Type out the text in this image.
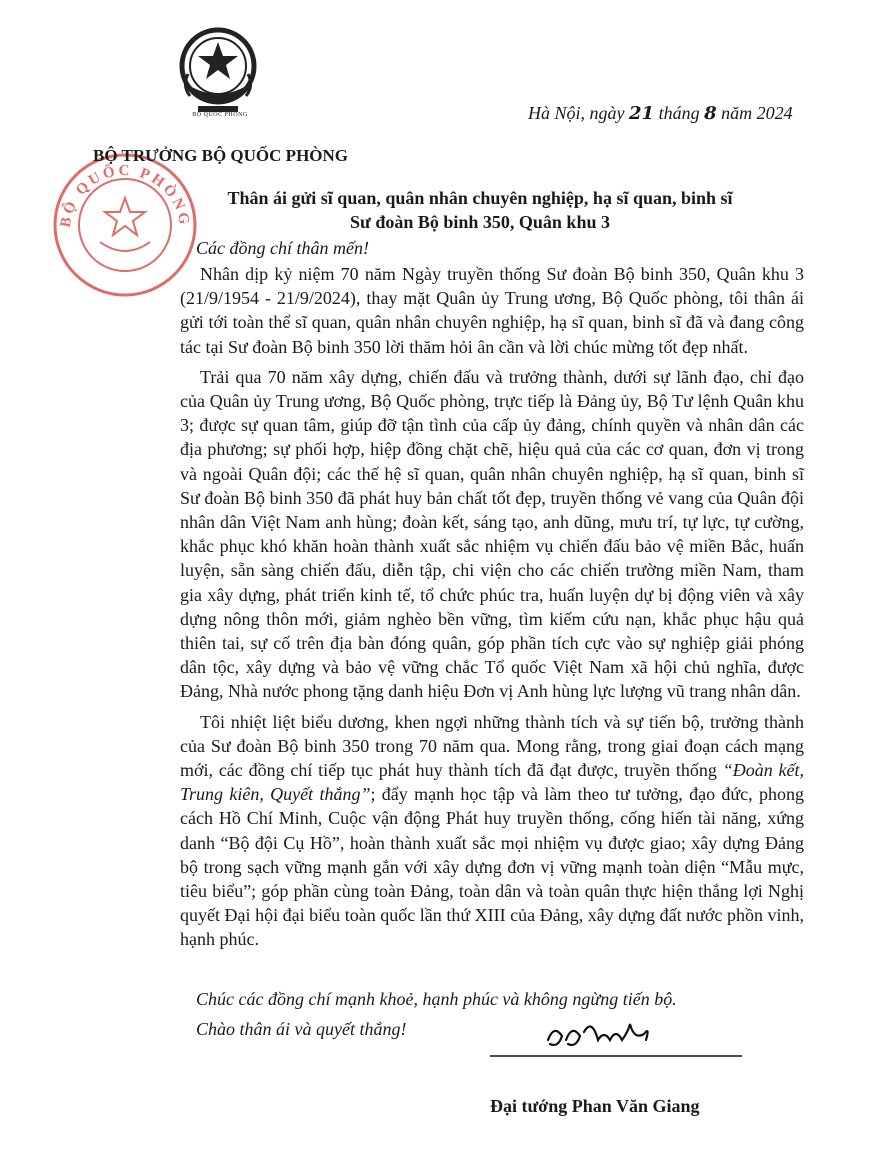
BỘ QUỐC PHÒNG
BỘ QUỐC PHÒNG
Hà Nội, ngày 21 tháng 8 năm 2024
BỘ TRƯỞNG BỘ QUỐC PHÒNG
Thân ái gửi sĩ quan, quân nhân chuyên nghiệp, hạ sĩ quan, binh sĩ
Sư đoàn Bộ binh 350, Quân khu 3
Các đồng chí thân mến!

Nhân dịp kỷ niệm 70 năm Ngày truyền thống Sư đoàn Bộ binh 350, Quân khu 3 (21/9/1954 - 21/9/2024), thay mặt Quân ủy Trung ương, Bộ Quốc phòng, tôi thân ái gửi tới toàn thể sĩ quan, quân nhân chuyên nghiệp, hạ sĩ quan, binh sĩ đã và đang công tác tại Sư đoàn Bộ binh 350 lời thăm hỏi ân cần và lời chúc mừng tốt đẹp nhất.

Trải qua 70 năm xây dựng, chiến đấu và trưởng thành, dưới sự lãnh đạo, chỉ đạo của Quân ủy Trung ương, Bộ Quốc phòng, trực tiếp là Đảng ủy, Bộ Tư lệnh Quân khu 3; được sự quan tâm, giúp đỡ tận tình của cấp ủy đảng, chính quyền và nhân dân các địa phương; sự phối hợp, hiệp đồng chặt chẽ, hiệu quả của các cơ quan, đơn vị trong và ngoài Quân đội; các thế hệ sĩ quan, quân nhân chuyên nghiệp, hạ sĩ quan, binh sĩ Sư đoàn Bộ binh 350 đã phát huy bản chất tốt đẹp, truyền thống vẻ vang của Quân đội nhân dân Việt Nam anh hùng; đoàn kết, sáng tạo, anh dũng, mưu trí, tự lực, tự cường, khắc phục khó khăn hoàn thành xuất sắc nhiệm vụ chiến đấu bảo vệ miền Bắc, huấn luyện, sẵn sàng chiến đấu, diễn tập, chi viện cho các chiến trường miền Nam, tham gia xây dựng, phát triển kinh tế, tổ chức phúc tra, huấn luyện dự bị động viên và xây dựng nông thôn mới, giảm nghèo bền vững, tìm kiếm cứu nạn, khắc phục hậu quả thiên tai, sự cố trên địa bàn đóng quân, góp phần tích cực vào sự nghiệp giải phóng dân tộc, xây dựng và bảo vệ vững chắc Tổ quốc Việt Nam xã hội chủ nghĩa, được Đảng, Nhà nước phong tặng danh hiệu Đơn vị Anh hùng lực lượng vũ trang nhân dân.

Tôi nhiệt liệt biểu dương, khen ngợi những thành tích và sự tiến bộ, trưởng thành của Sư đoàn Bộ binh 350 trong 70 năm qua. Mong rằng, trong giai đoạn cách mạng mới, các đồng chí tiếp tục phát huy thành tích đã đạt được, truyền thống “Đoàn kết, Trung kiên, Quyết thắng”; đẩy mạnh học tập và làm theo tư tưởng, đạo đức, phong cách Hồ Chí Minh, Cuộc vận động Phát huy truyền thống, cống hiến tài năng, xứng danh “Bộ đội Cụ Hồ”, hoàn thành xuất sắc mọi nhiệm vụ được giao; xây dựng Đảng bộ trong sạch vững mạnh gắn với xây dựng đơn vị vững mạnh toàn diện “Mẫu mực, tiêu biểu”; góp phần cùng toàn Đảng, toàn dân và toàn quân thực hiện thắng lợi Nghị quyết Đại hội đại biểu toàn quốc lần thứ XIII của Đảng, xây dựng đất nước phồn vinh, hạnh phúc.

Chúc các đồng chí mạnh khoẻ, hạnh phúc và không ngừng tiến bộ.
Chào thân ái và quyết thắng!
Đại tướng Phan Văn Giang
